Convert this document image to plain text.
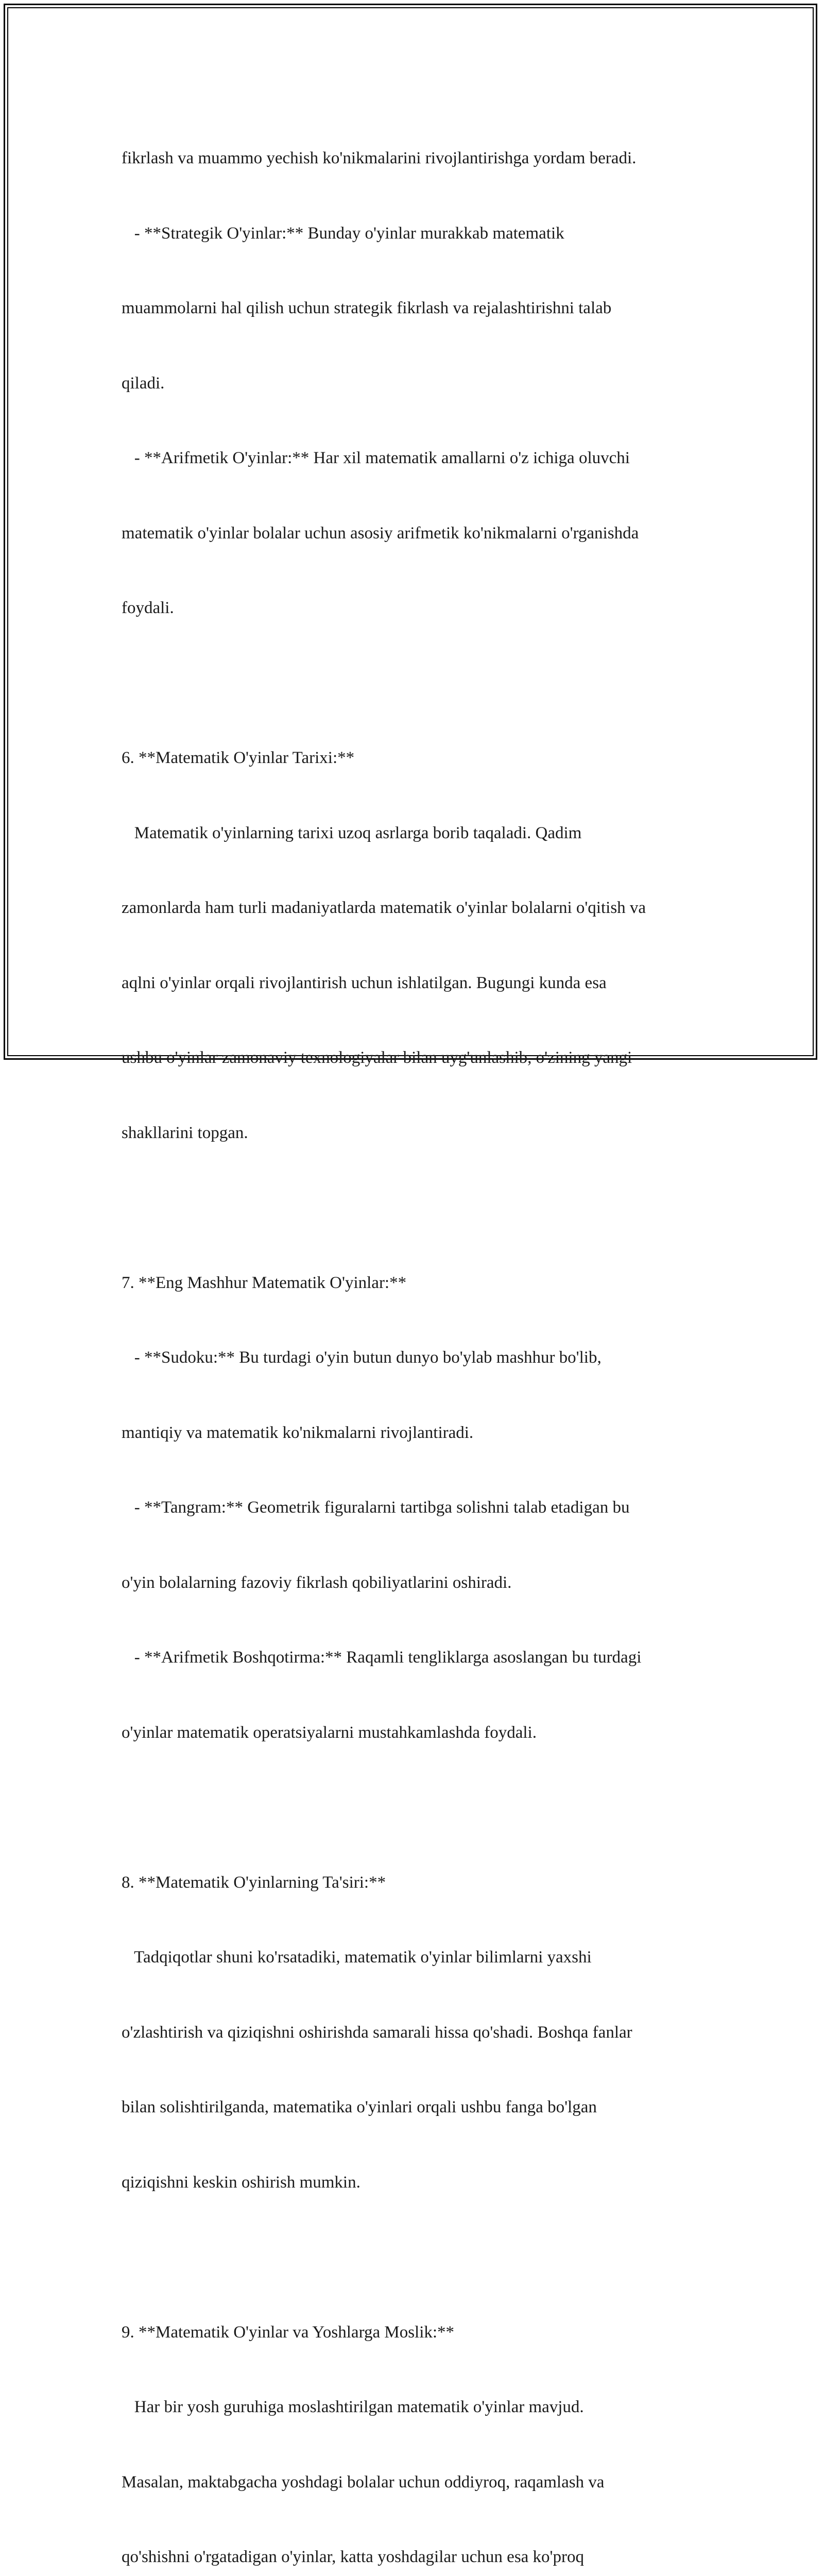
fikrlash va muammo yechish ko'nikmalarini rivojlantirishga yordam beradi.

- **Strategik O'yinlar:** Bunday o'yinlar murakkab matematik

muammolarni hal qilish uchun strategik fikrlash va rejalashtirishni talab

qiladi.

- **Arifmetik O'yinlar:** Har xil matematik amallarni o'z ichiga oluvchi

matematik o'yinlar bolalar uchun asosiy arifmetik ko'nikmalarni o'rganishda

foydali.

6. **Matematik O'yinlar Tarixi:**

Matematik o'yinlarning tarixi uzoq asrlarga borib taqaladi. Qadim

zamonlarda ham turli madaniyatlarda matematik o'yinlar bolalarni o'qitish va

aqlni o'yinlar orqali rivojlantirish uchun ishlatilgan. Bugungi kunda esa

ushbu o'yinlar zamonaviy texnologiyalar bilan uyg'unlashib, o'zining yangi

shakllarini topgan.

7. **Eng Mashhur Matematik O'yinlar:**

- **Sudoku:** Bu turdagi o'yin butun dunyo bo'ylab mashhur bo'lib,

mantiqiy va matematik ko'nikmalarni rivojlantiradi.

- **Tangram:** Geometrik figuralarni tartibga solishni talab etadigan bu

o'yin bolalarning fazoviy fikrlash qobiliyatlarini oshiradi.

- **Arifmetik Boshqotirma:** Raqamli tengliklarga asoslangan bu turdagi

o'yinlar matematik operatsiyalarni mustahkamlashda foydali.

8. **Matematik O'yinlarning Ta'siri:**

Tadqiqotlar shuni ko'rsatadiki, matematik o'yinlar bilimlarni yaxshi

o'zlashtirish va qiziqishni oshirishda samarali hissa qo'shadi. Boshqa fanlar

bilan solishtirilganda, matematika o'yinlari orqali ushbu fanga bo'lgan

qiziqishni keskin oshirish mumkin.

9. **Matematik O'yinlar va Yoshlarga Moslik:**

Har bir yosh guruhiga moslashtirilgan matematik o'yinlar mavjud.

Masalan, maktabgacha yoshdagi bolalar uchun oddiyroq, raqamlash va

qo'shishni o'rgatadigan o'yinlar, katta yoshdagilar uchun esa ko'proq
